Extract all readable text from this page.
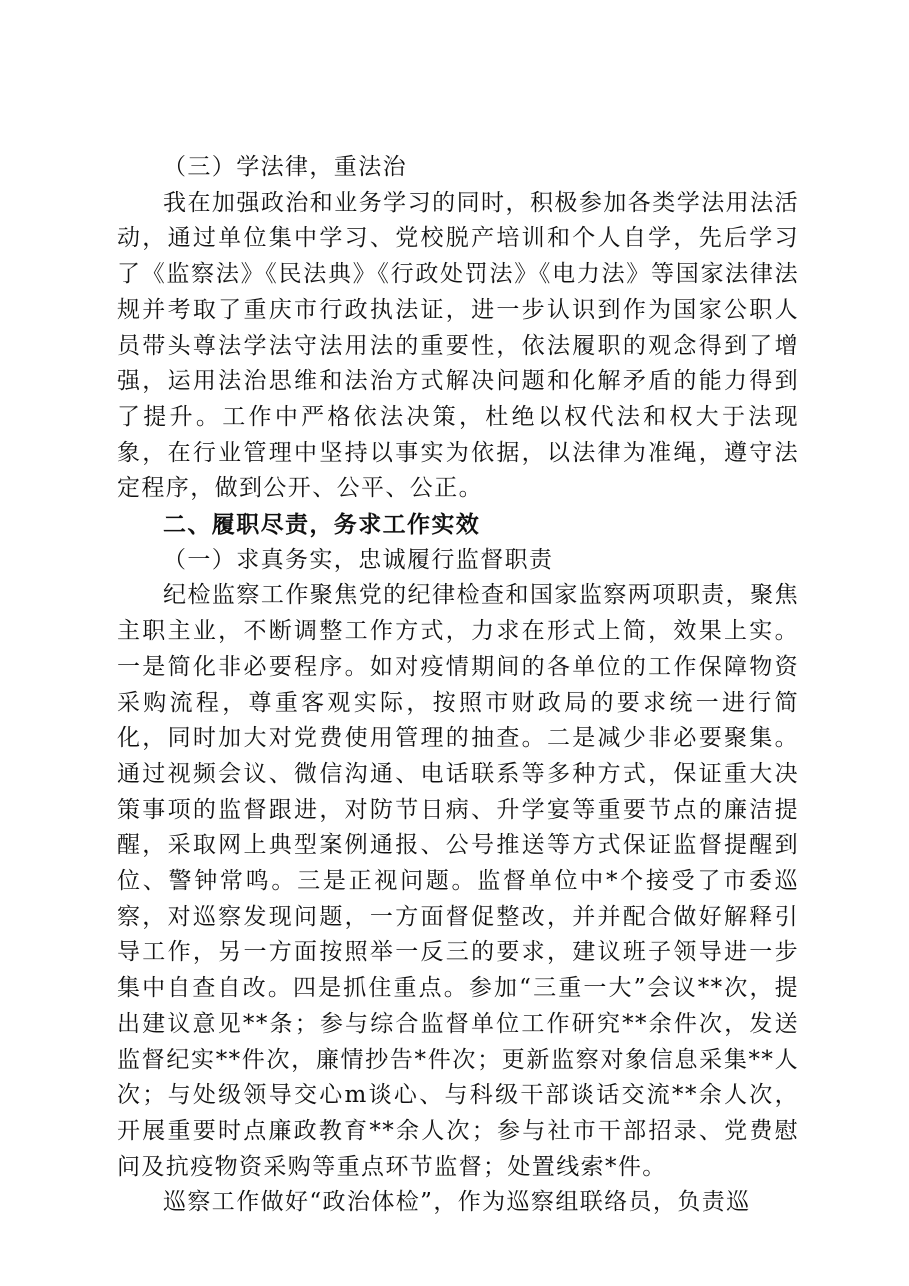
（三）学法律，重法治

我在加强政治和业务学习的同时，积极参加各类学法用法活动，通过单位集中学习、党校脱产培训和个人自学，先后学习了《监察法》《民法典》《行政处罚法》《电力法》等国家法律法规并考取了重庆市行政执法证，进一步认识到作为国家公职人员带头尊法学法守法用法的重要性，依法履职的观念得到了增强，运用法治思维和法治方式解决问题和化解矛盾的能力得到了提升。工作中严格依法决策，杜绝以权代法和权大于法现象，在行业管理中坚持以事实为依据，以法律为准绳，遵守法定程序，做到公开、公平、公正。

二、履职尽责，务求工作实效

（一）求真务实，忠诚履行监督职责

纪检监察工作聚焦党的纪律检查和国家监察两项职责，聚焦主职主业，不断调整工作方式，力求在形式上简，效果上实。一是简化非必要程序。如对疫情期间的各单位的工作保障物资采购流程，尊重客观实际，按照市财政局的要求统一进行简化，同时加大对党费使用管理的抽查。二是减少非必要聚集。通过视频会议、微信沟通、电话联系等多种方式，保证重大决策事项的监督跟进，对防节日病、升学宴等重要节点的廉洁提醒，采取网上典型案例通报、公号推送等方式保证监督提醒到位、警钟常鸣。三是正视问题。监督单位中*个接受了市委巡察，对巡察发现问题，一方面督促整改，并并配合做好解释引导工作，另一方面按照举一反三的要求，建议班子领导进一步集中自查自改。四是抓住重点。参加“三重一大”会议**次，提出建议意见**条；参与综合监督单位工作研究**余件次，发送监督纪实**件次，廉情抄告*件次；更新监察对象信息采集**人次；与处级领导交心m谈心、与科级干部谈话交流**余人次，开展重要时点廉政教育**余人次；参与社市干部招录、党费慰问及抗疫物资采购等重点环节监督；处置线索*件。

巡察工作做好“政治体检”，作为巡察组联络员，负责巡
